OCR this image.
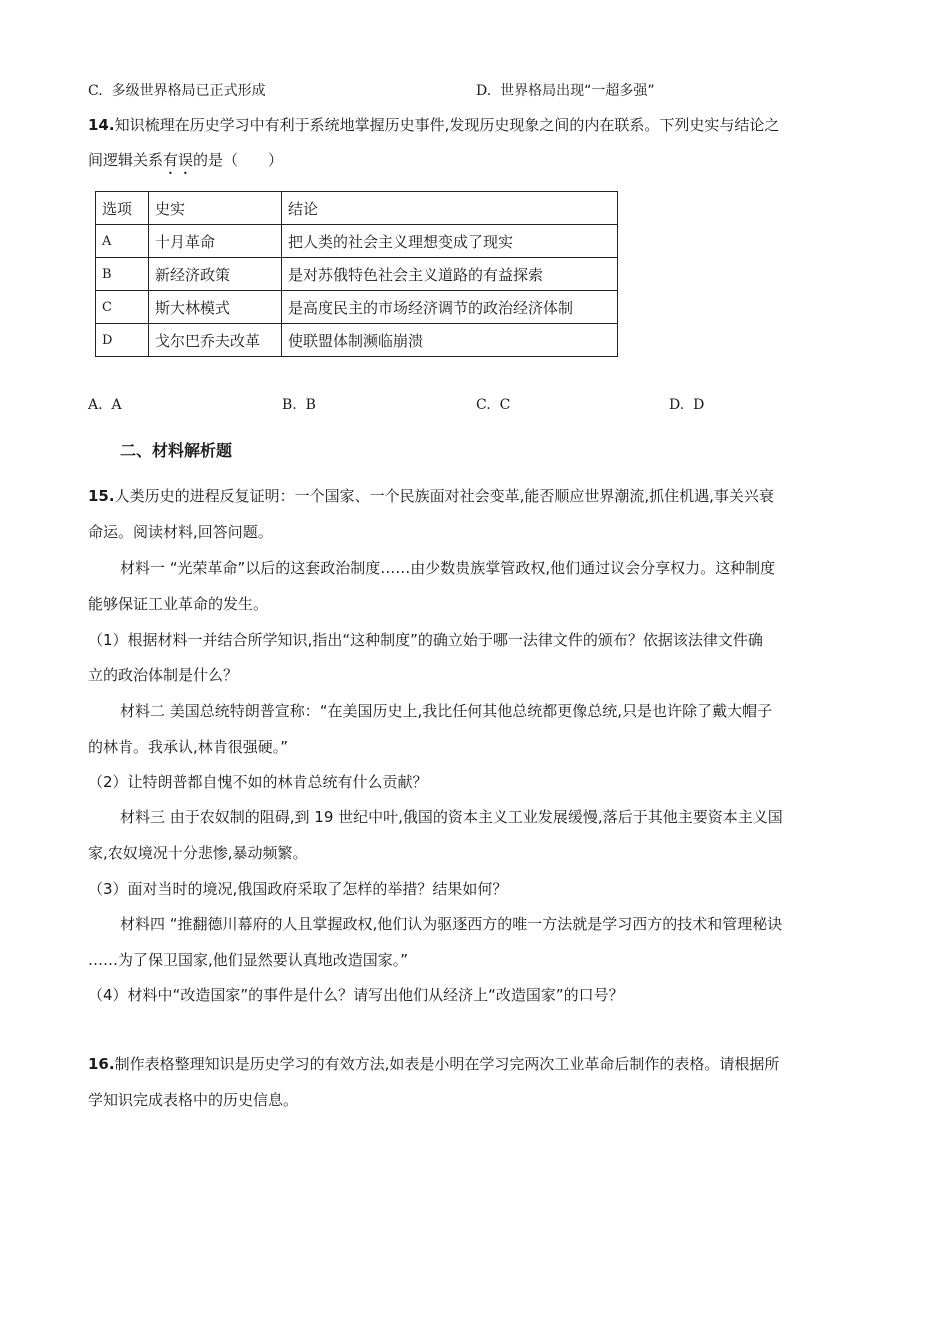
C. 多级世界格局已正式形成	D. 世界格局出现“一超多强”
14.知识梳理在历史学习中有利于系统地掌握历史事件,发现历史现象之间的内在联系。下列史实与结论之
间逻辑关系有误的是（　　）
选项	史实	结论
A	十月革命	把人类的社会主义理想变成了现实
B	新经济政策	是对苏俄特色社会主义道路的有益探索
C	斯大林模式	是高度民主的市场经济调节的政治经济体制
D	戈尔巴乔夫改革	使联盟体制濒临崩溃
A. A	B. B	C. C	D. D
二、材料解析题
15.人类历史的进程反复证明：一个国家、一个民族面对社会变革,能否顺应世界潮流,抓住机遇,事关兴衰
命运。阅读材料,回答问题。
材料一 “光荣革命”以后的这套政治制度……由少数贵族掌管政权,他们通过议会分享权力。这种制度
能够保证工业革命的发生。
（1）根据材料一并结合所学知识,指出“这种制度”的确立始于哪一法律文件的颁布？依据该法律文件确
立的政治体制是什么？
材料二 美国总统特朗普宣称：“在美国历史上,我比任何其他总统都更像总统,只是也许除了戴大帽子
的林肯。我承认,林肯很强硬。”
（2）让特朗普都自愧不如的林肯总统有什么贡献？
材料三 由于农奴制的阻碍,到 19 世纪中叶,俄国的资本主义工业发展缓慢,落后于其他主要资本主义国
家,农奴境况十分悲惨,暴动频繁。
（3）面对当时的境况,俄国政府采取了怎样的举措？结果如何？
材料四 “推翻德川幕府的人且掌握政权,他们认为驱逐西方的唯一方法就是学习西方的技术和管理秘诀
……为了保卫国家,他们显然要认真地改造国家。”
（4）材料中“改造国家”的事件是什么？请写出他们从经济上“改造国家”的口号？
16.制作表格整理知识是历史学习的有效方法,如表是小明在学习完两次工业革命后制作的表格。请根据所
学知识完成表格中的历史信息。
